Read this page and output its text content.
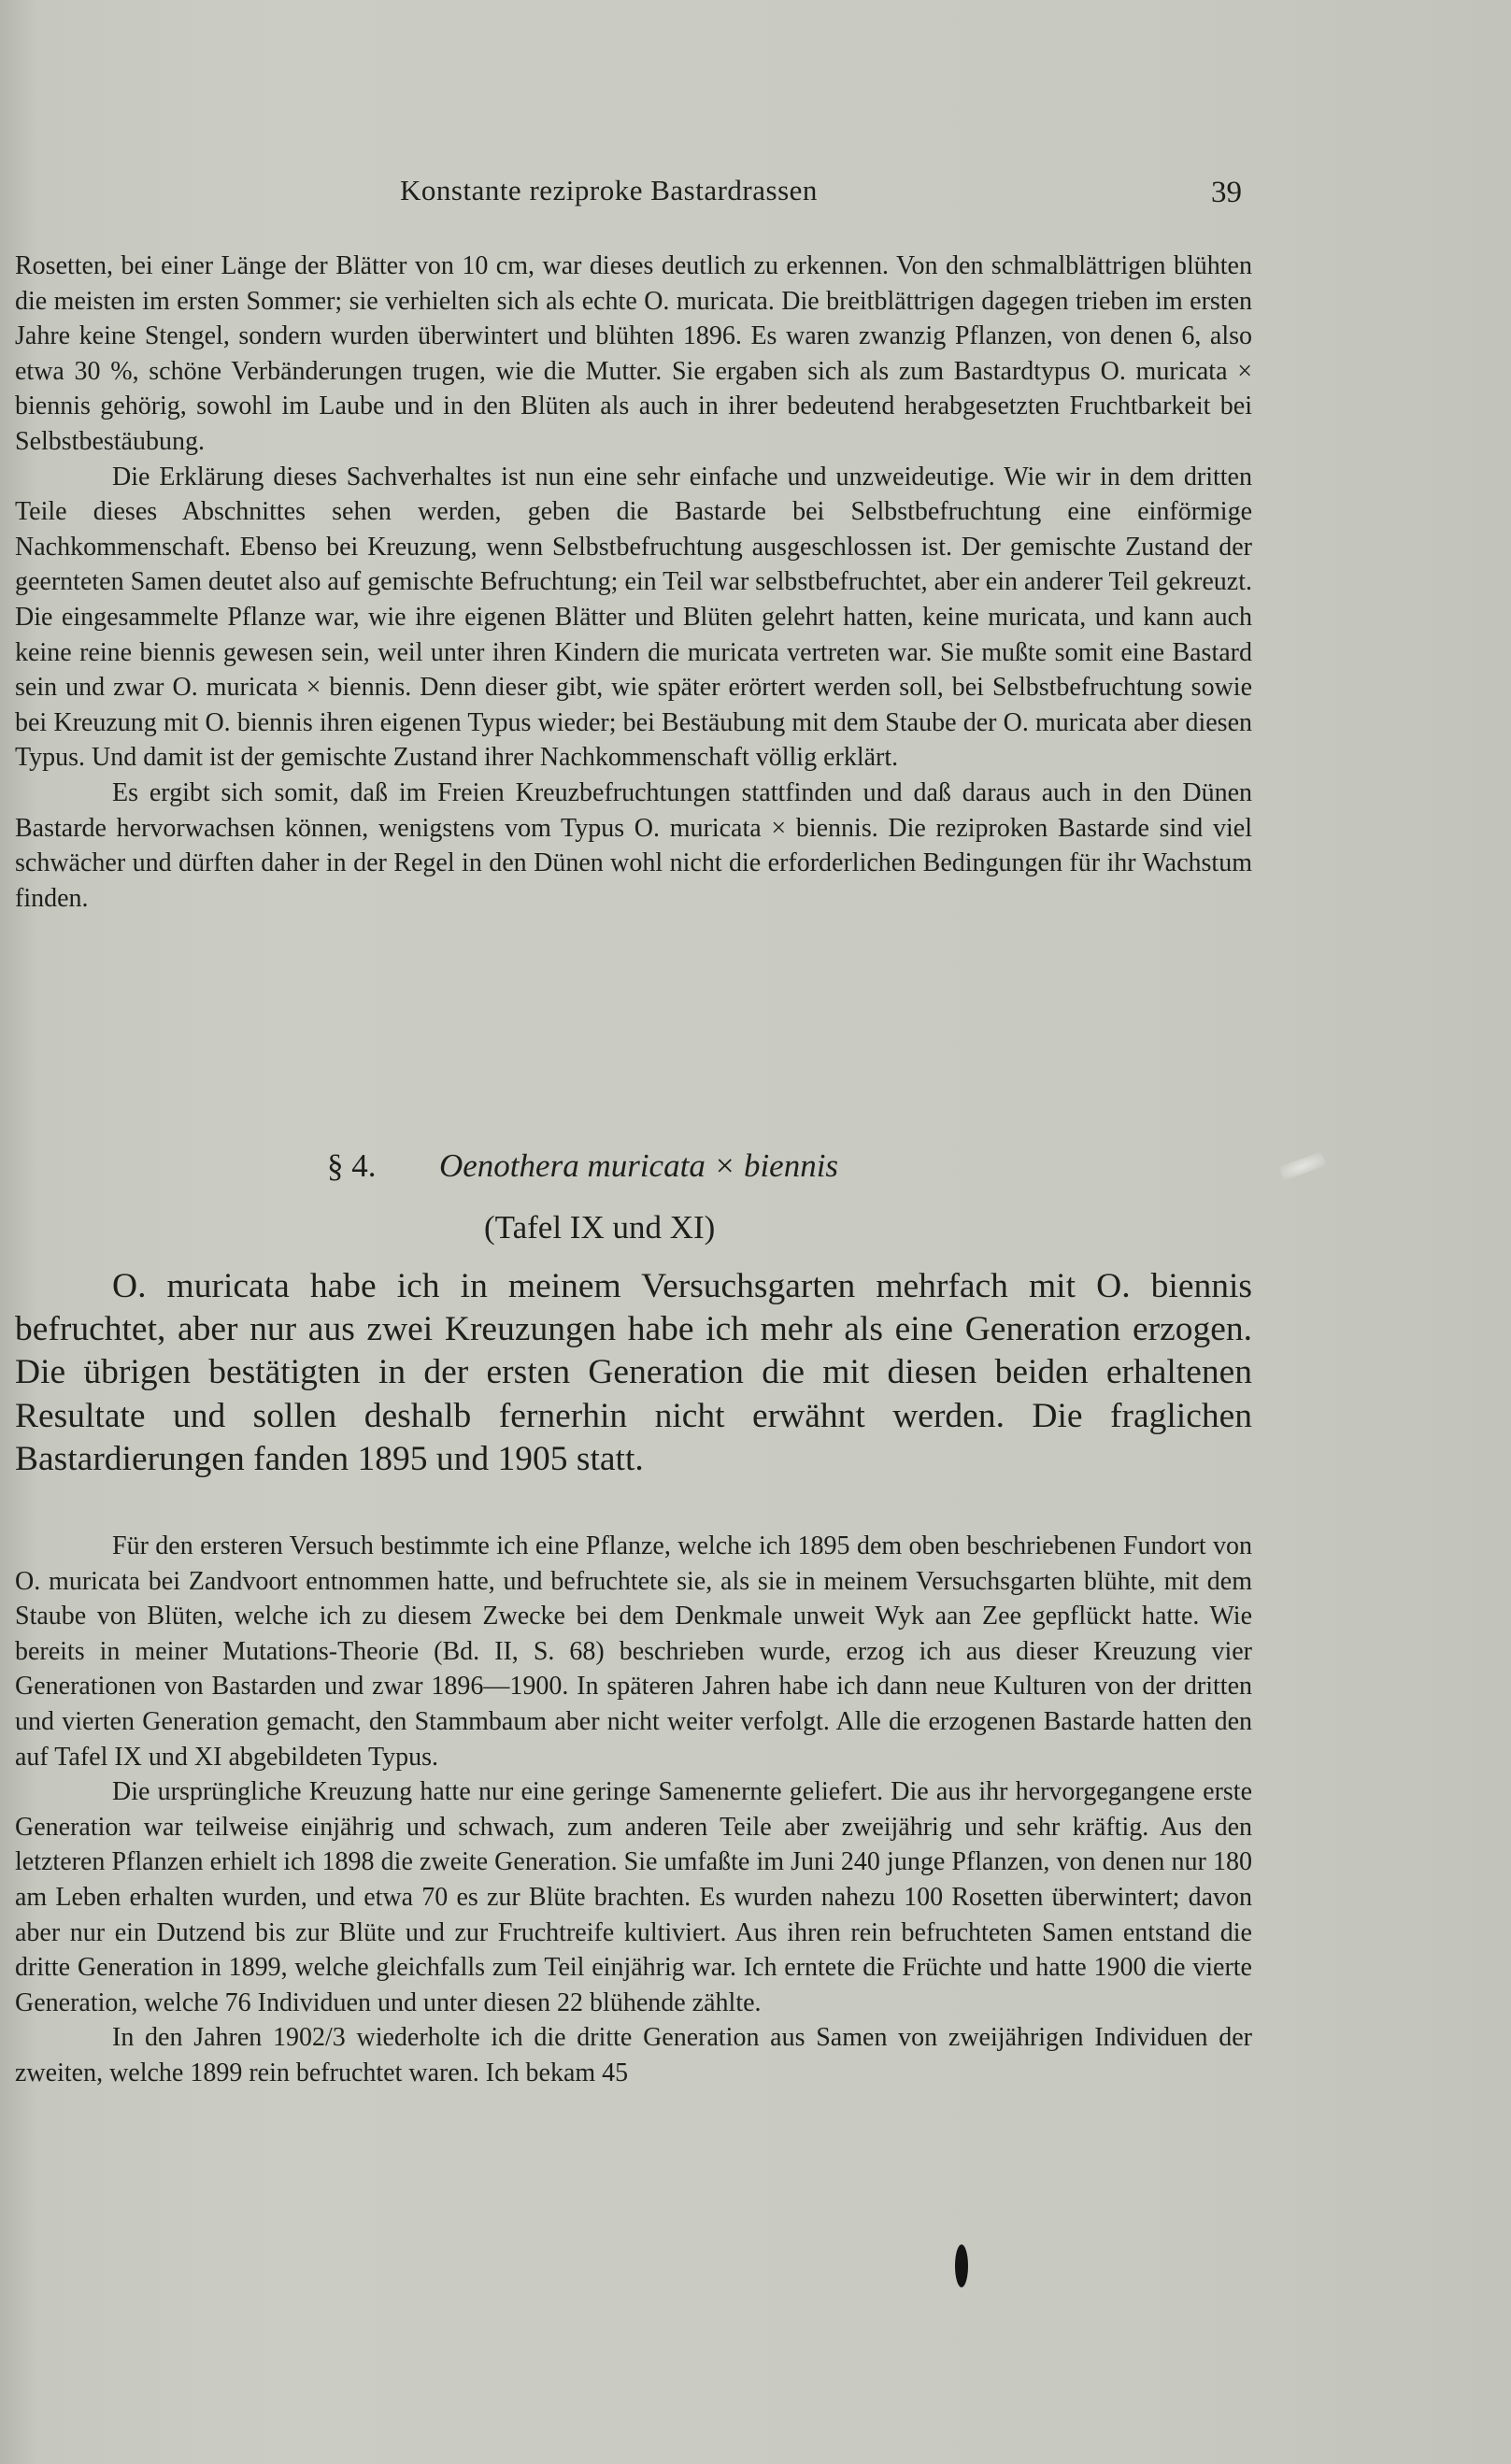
Konstante reziproke Bastardrassen	39

Rosetten, bei einer Länge der Blätter von 10 cm, war dieses deutlich zu erkennen. Von den schmalblättrigen blühten die meisten im ersten Sommer; sie verhielten sich als echte O. muricata. Die breitblättrigen dagegen trieben im ersten Jahre keine Stengel, sondern wurden überwintert und blühten 1896. Es waren zwanzig Pflanzen, von denen 6, also etwa 30 %, schöne Verbänderungen trugen, wie die Mutter. Sie ergaben sich als zum Bastardtypus O. muricata × biennis gehörig, sowohl im Laube und in den Blüten als auch in ihrer bedeutend herabgesetzten Fruchtbarkeit bei Selbstbestäubung.

Die Erklärung dieses Sachverhaltes ist nun eine sehr einfache und unzweideutige. Wie wir in dem dritten Teile dieses Abschnittes sehen werden, geben die Bastarde bei Selbstbefruchtung eine einförmige Nachkommenschaft. Ebenso bei Kreuzung, wenn Selbstbefruchtung ausgeschlossen ist. Der gemischte Zustand der geernteten Samen deutet also auf gemischte Befruchtung; ein Teil war selbstbefruchtet, aber ein anderer Teil gekreuzt. Die eingesammelte Pflanze war, wie ihre eigenen Blätter und Blüten gelehrt hatten, keine muricata, und kann auch keine reine biennis gewesen sein, weil unter ihren Kindern die muricata vertreten war. Sie mußte somit eine Bastard sein und zwar O. muricata × biennis. Denn dieser gibt, wie später erörtert werden soll, bei Selbstbefruchtung sowie bei Kreuzung mit O. biennis ihren eigenen Typus wieder; bei Bestäubung mit dem Staube der O. muricata aber diesen Typus. Und damit ist der gemischte Zustand ihrer Nachkommenschaft völlig erklärt.

Es ergibt sich somit, daß im Freien Kreuzbefruchtungen stattfinden und daß daraus auch in den Dünen Bastarde hervorwachsen können, wenigstens vom Typus O. muricata × biennis. Die reziproken Bastarde sind viel schwächer und dürften daher in der Regel in den Dünen wohl nicht die erforderlichen Bedingungen für ihr Wachstum finden.

§ 4. Oenothera muricata × biennis
(Tafel IX und XI)

O. muricata habe ich in meinem Versuchsgarten mehrfach mit O. biennis befruchtet, aber nur aus zwei Kreuzungen habe ich mehr als eine Generation erzogen. Die übrigen bestätigten in der ersten Generation die mit diesen beiden erhaltenen Resultate und sollen deshalb fernerhin nicht erwähnt werden. Die fraglichen Bastardierungen fanden 1895 und 1905 statt.

Für den ersteren Versuch bestimmte ich eine Pflanze, welche ich 1895 dem oben beschriebenen Fundort von O. muricata bei Zandvoort entnommen hatte, und befruchtete sie, als sie in meinem Versuchsgarten blühte, mit dem Staube von Blüten, welche ich zu diesem Zwecke bei dem Denkmale unweit Wyk aan Zee gepflückt hatte. Wie bereits in meiner Mutations-Theorie (Bd. II, S. 68) beschrieben wurde, erzog ich aus dieser Kreuzung vier Generationen von Bastarden und zwar 1896—1900. In späteren Jahren habe ich dann neue Kulturen von der dritten und vierten Generation gemacht, den Stammbaum aber nicht weiter verfolgt. Alle die erzogenen Bastarde hatten den auf Tafel IX und XI abgebildeten Typus.

Die ursprüngliche Kreuzung hatte nur eine geringe Samenernte geliefert. Die aus ihr hervorgegangene erste Generation war teilweise einjährig und schwach, zum anderen Teile aber zweijährig und sehr kräftig. Aus den letzteren Pflanzen erhielt ich 1898 die zweite Generation. Sie umfaßte im Juni 240 junge Pflanzen, von denen nur 180 am Leben erhalten wurden, und etwa 70 es zur Blüte brachten. Es wurden nahezu 100 Rosetten überwintert; davon aber nur ein Dutzend bis zur Blüte und zur Fruchtreife kultiviert. Aus ihren rein befruchteten Samen entstand die dritte Generation in 1899, welche gleichfalls zum Teil einjährig war. Ich erntete die Früchte und hatte 1900 die vierte Generation, welche 76 Individuen und unter diesen 22 blühende zählte.

In den Jahren 1902/3 wiederholte ich die dritte Generation aus Samen von zweijährigen Individuen der zweiten, welche 1899 rein befruchtet waren. Ich bekam 45
